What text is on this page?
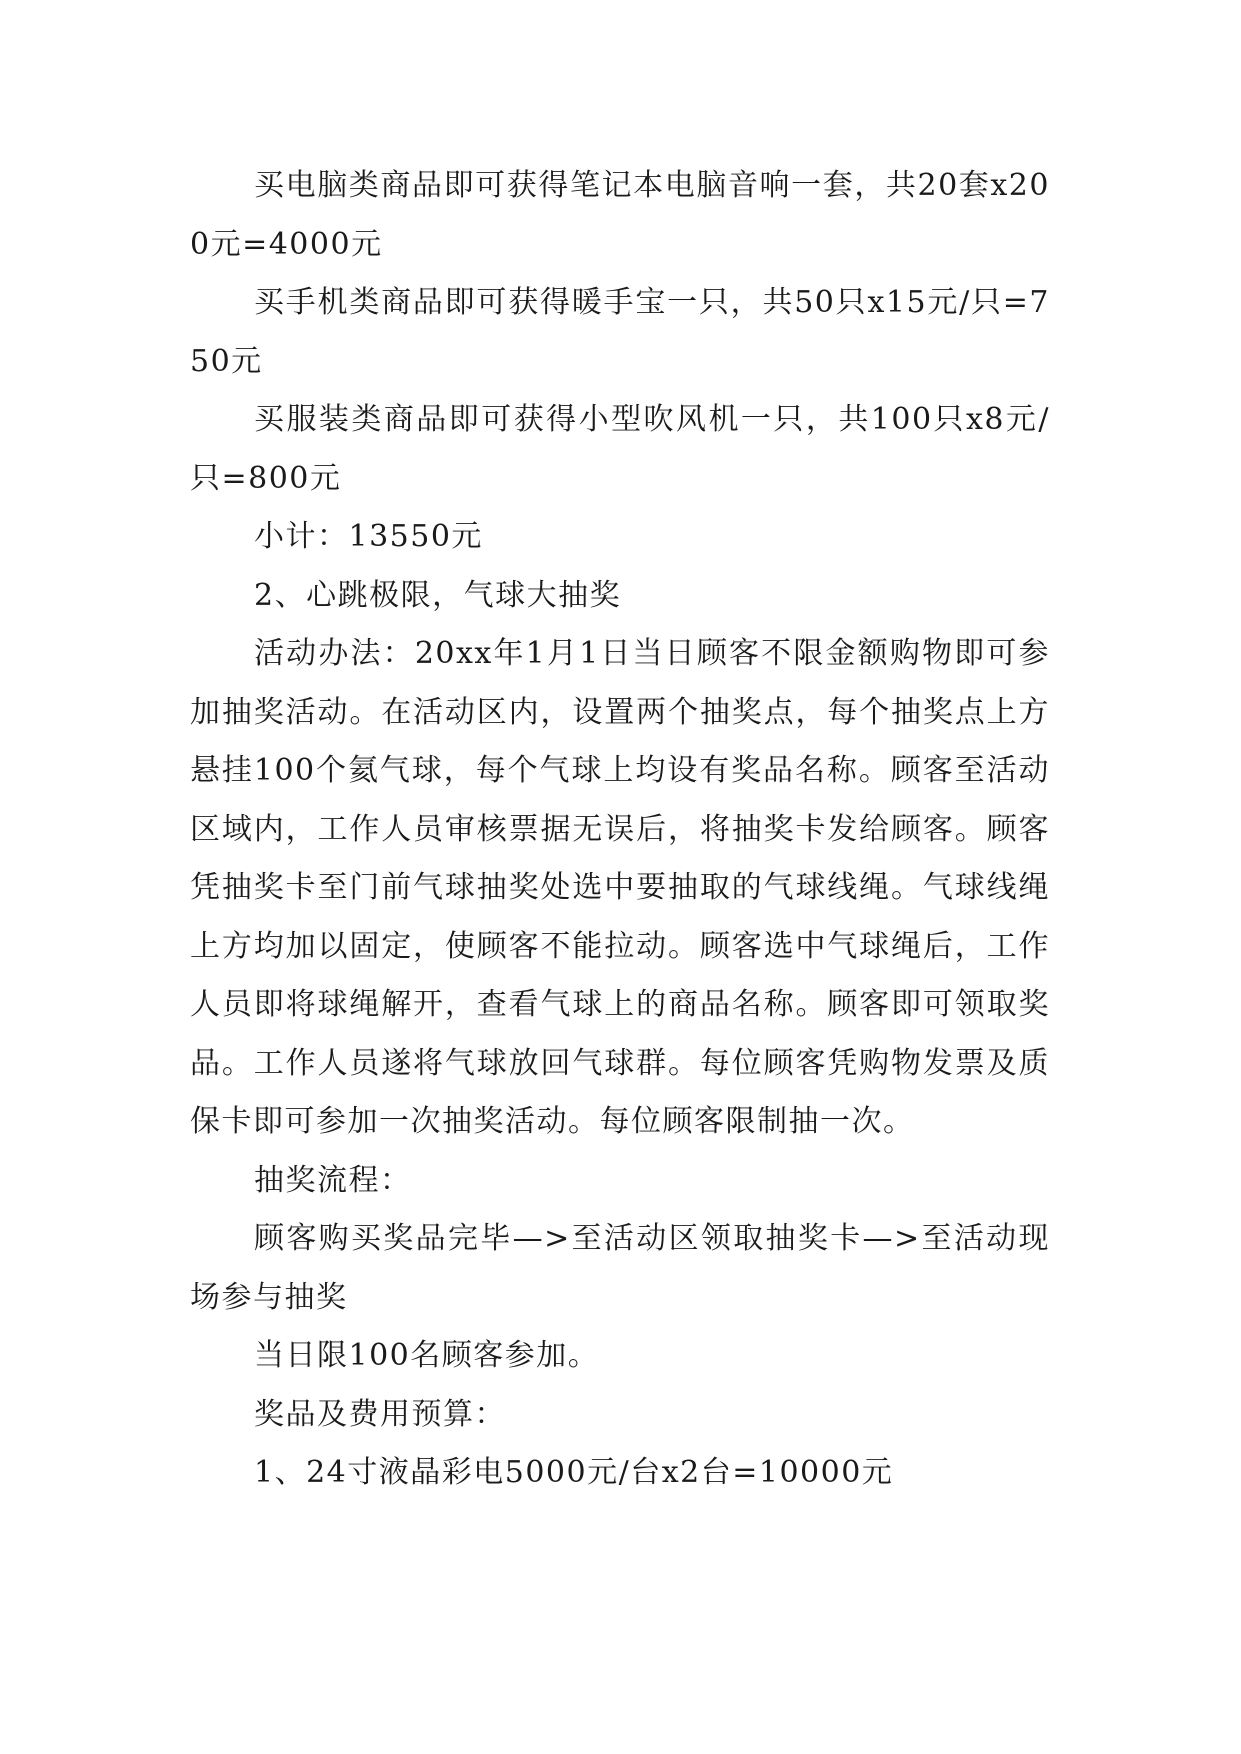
买电脑类商品即可获得笔记本电脑音响一套，共20套x200元=4000元

买手机类商品即可获得暖手宝一只，共50只x15元/只=750元

买服装类商品即可获得小型吹风机一只，共100只x8元/只=800元

小计：13550元

2、心跳极限，气球大抽奖

活动办法：20xx年1月1日当日顾客不限金额购物即可参加抽奖活动。在活动区内，设置两个抽奖点，每个抽奖点上方悬挂100个氦气球，每个气球上均设有奖品名称。顾客至活动区域内，工作人员审核票据无误后，将抽奖卡发给顾客。顾客凭抽奖卡至门前气球抽奖处选中要抽取的气球线绳。气球线绳上方均加以固定，使顾客不能拉动。顾客选中气球绳后，工作人员即将球绳解开，查看气球上的商品名称。顾客即可领取奖品。工作人员遂将气球放回气球群。每位顾客凭购物发票及质保卡即可参加一次抽奖活动。每位顾客限制抽一次。

抽奖流程：

顾客购买奖品完毕—>至活动区领取抽奖卡—>至活动现场参与抽奖

当日限100名顾客参加。

奖品及费用预算：

1、24寸液晶彩电5000元/台x2台=10000元
